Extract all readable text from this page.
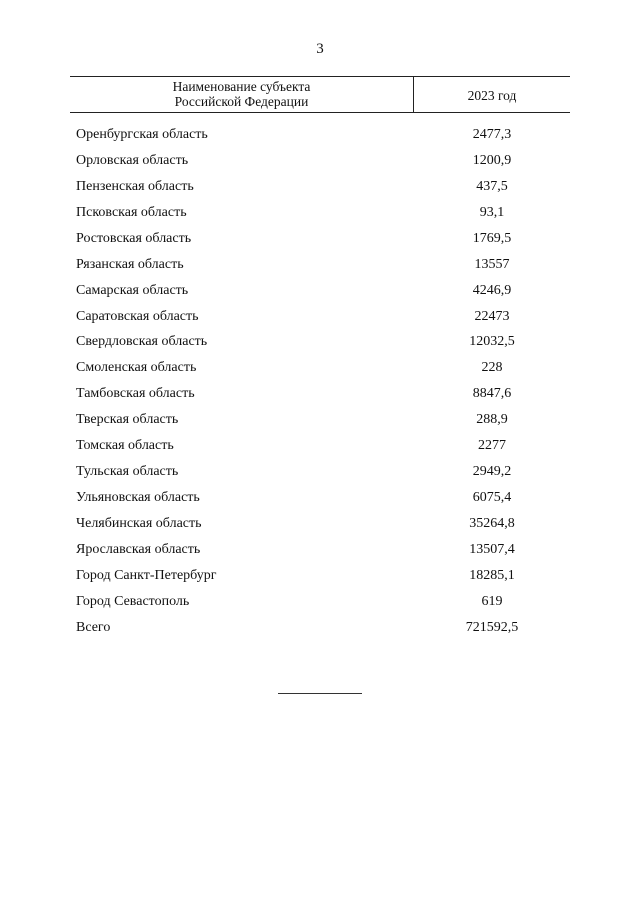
3
Наименование субъекта
Российской Федерации	2023 год
Оренбургская область	2477,3
Орловская область	1200,9
Пензенская область	437,5
Псковская область	93,1
Ростовская область	1769,5
Рязанская область	13557
Самарская область	4246,9
Саратовская область	22473
Свердловская область	12032,5
Смоленская область	228
Тамбовская область	8847,6
Тверская область	288,9
Томская область	2277
Тульская область	2949,2
Ульяновская область	6075,4
Челябинская область	35264,8
Ярославская область	13507,4
Город Санкт-Петербург	18285,1
Город Севастополь	619
Всего	721592,5
